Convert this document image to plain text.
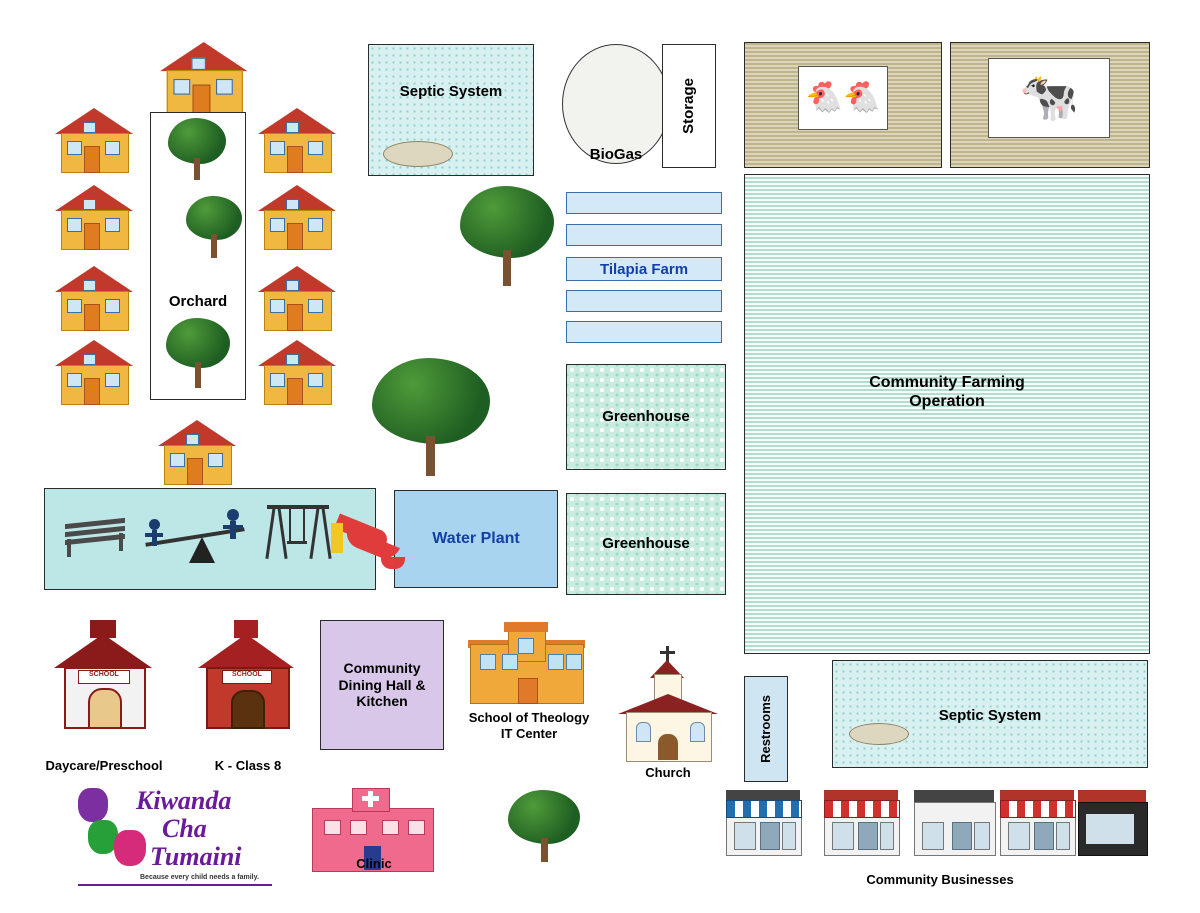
Orchard
Septic System
BioGas
Storage	🐔🐔	🐄
Tilapia Farm
Greenhouse
Greenhouse
Community Farming
Operation
Water Plant
SCHOOL
Daycare/Preschool
SCHOOL
K - Class 8
Community
Dining Hall &
Kitchen
School of Theology
IT Center
Church
Clinic
Restrooms	Septic System
Community Businesses
Kiwanda
Cha
Tumaini
Because every child needs a family.
